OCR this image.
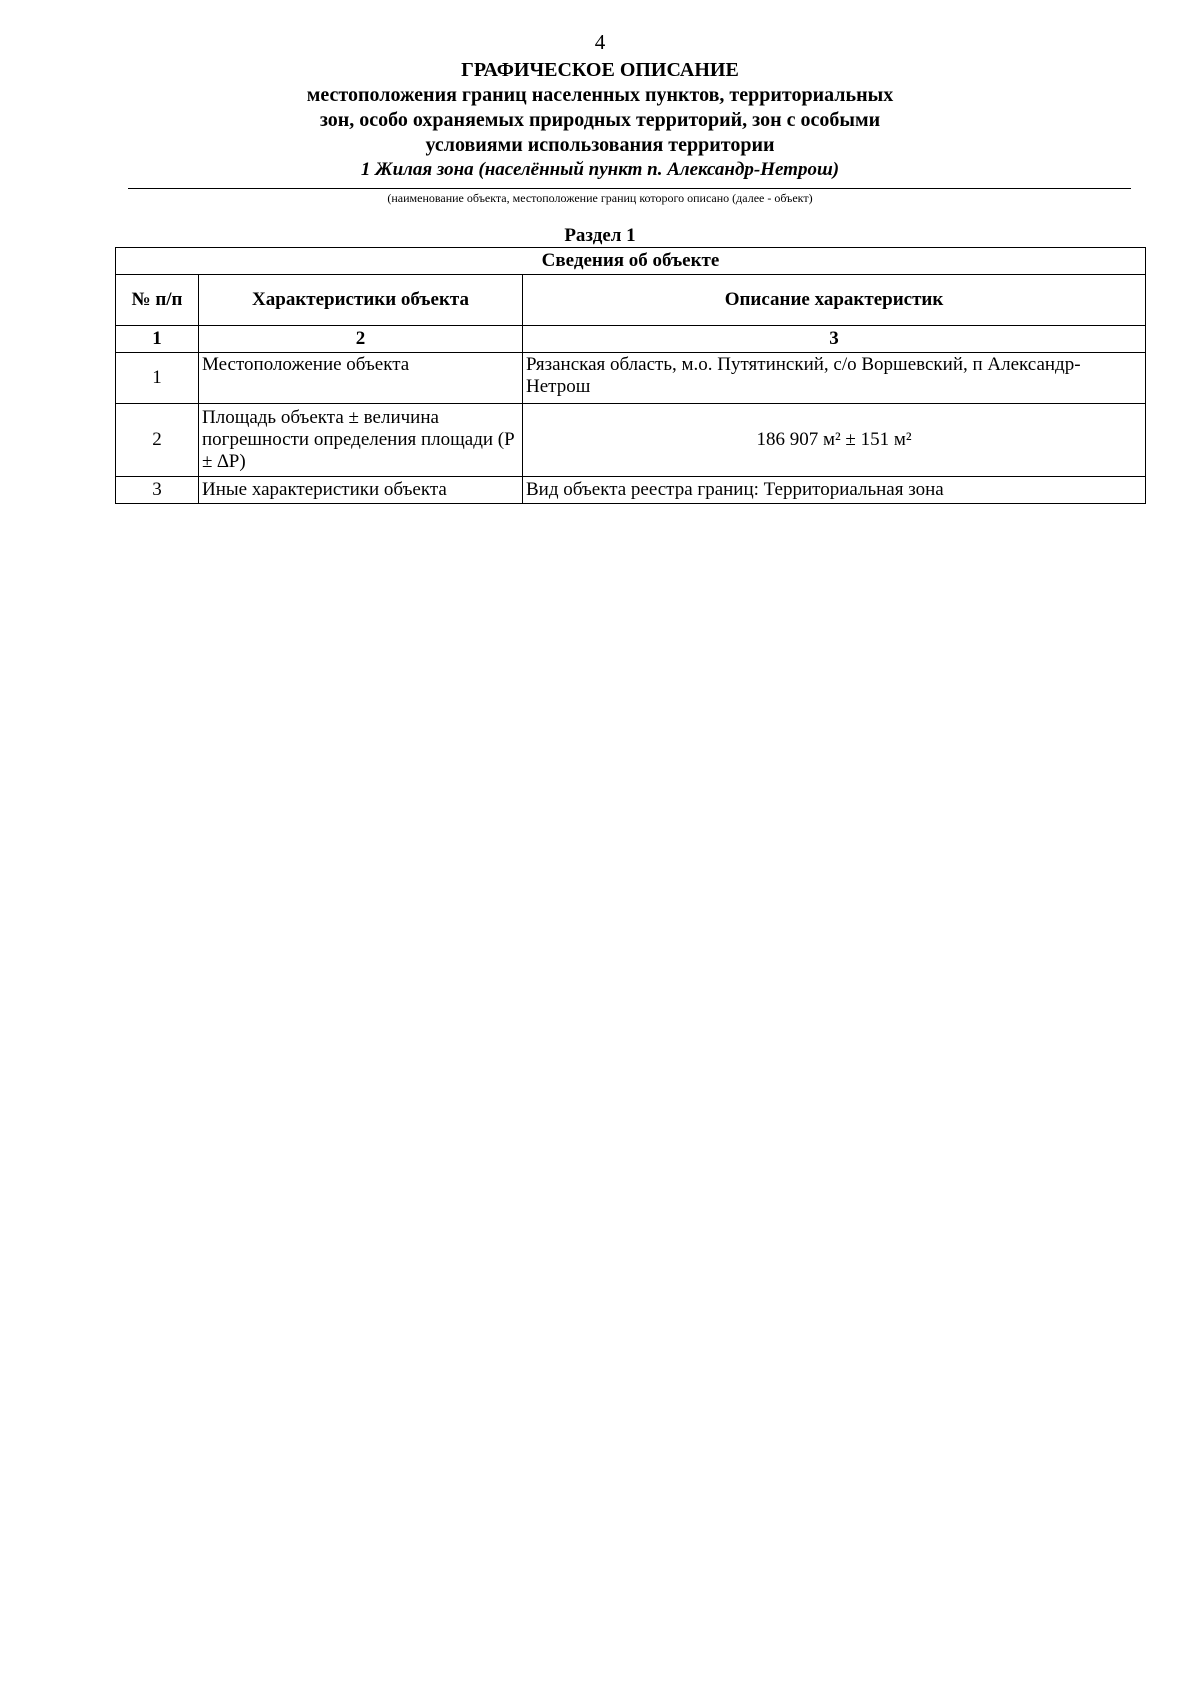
4
ГРАФИЧЕСКОЕ ОПИСАНИЕ
местоположения границ населенных пунктов, территориальных
зон, особо охраняемых природных территорий, зон с особыми
условиями использования территории
1 Жилая зона (населённый пункт п. Александр-Нетрош)
(наименование объекта, местоположение границ которого описано (далее - объект)
Раздел 1
Сведения об объекте		
№ п/п	Характеристики объекта	Описание характеристик
1	2	3
1	Местоположение объекта	Рязанская область, м.о. Путятинский, с/о Воршевский, п Александр-Нетрош
2	Площадь объекта ± величина погрешности определения площади (P ± ∆P)	186 907 м² ± 151 м²
3	Иные характеристики объекта	Вид объекта реестра границ: Территориальная зона
